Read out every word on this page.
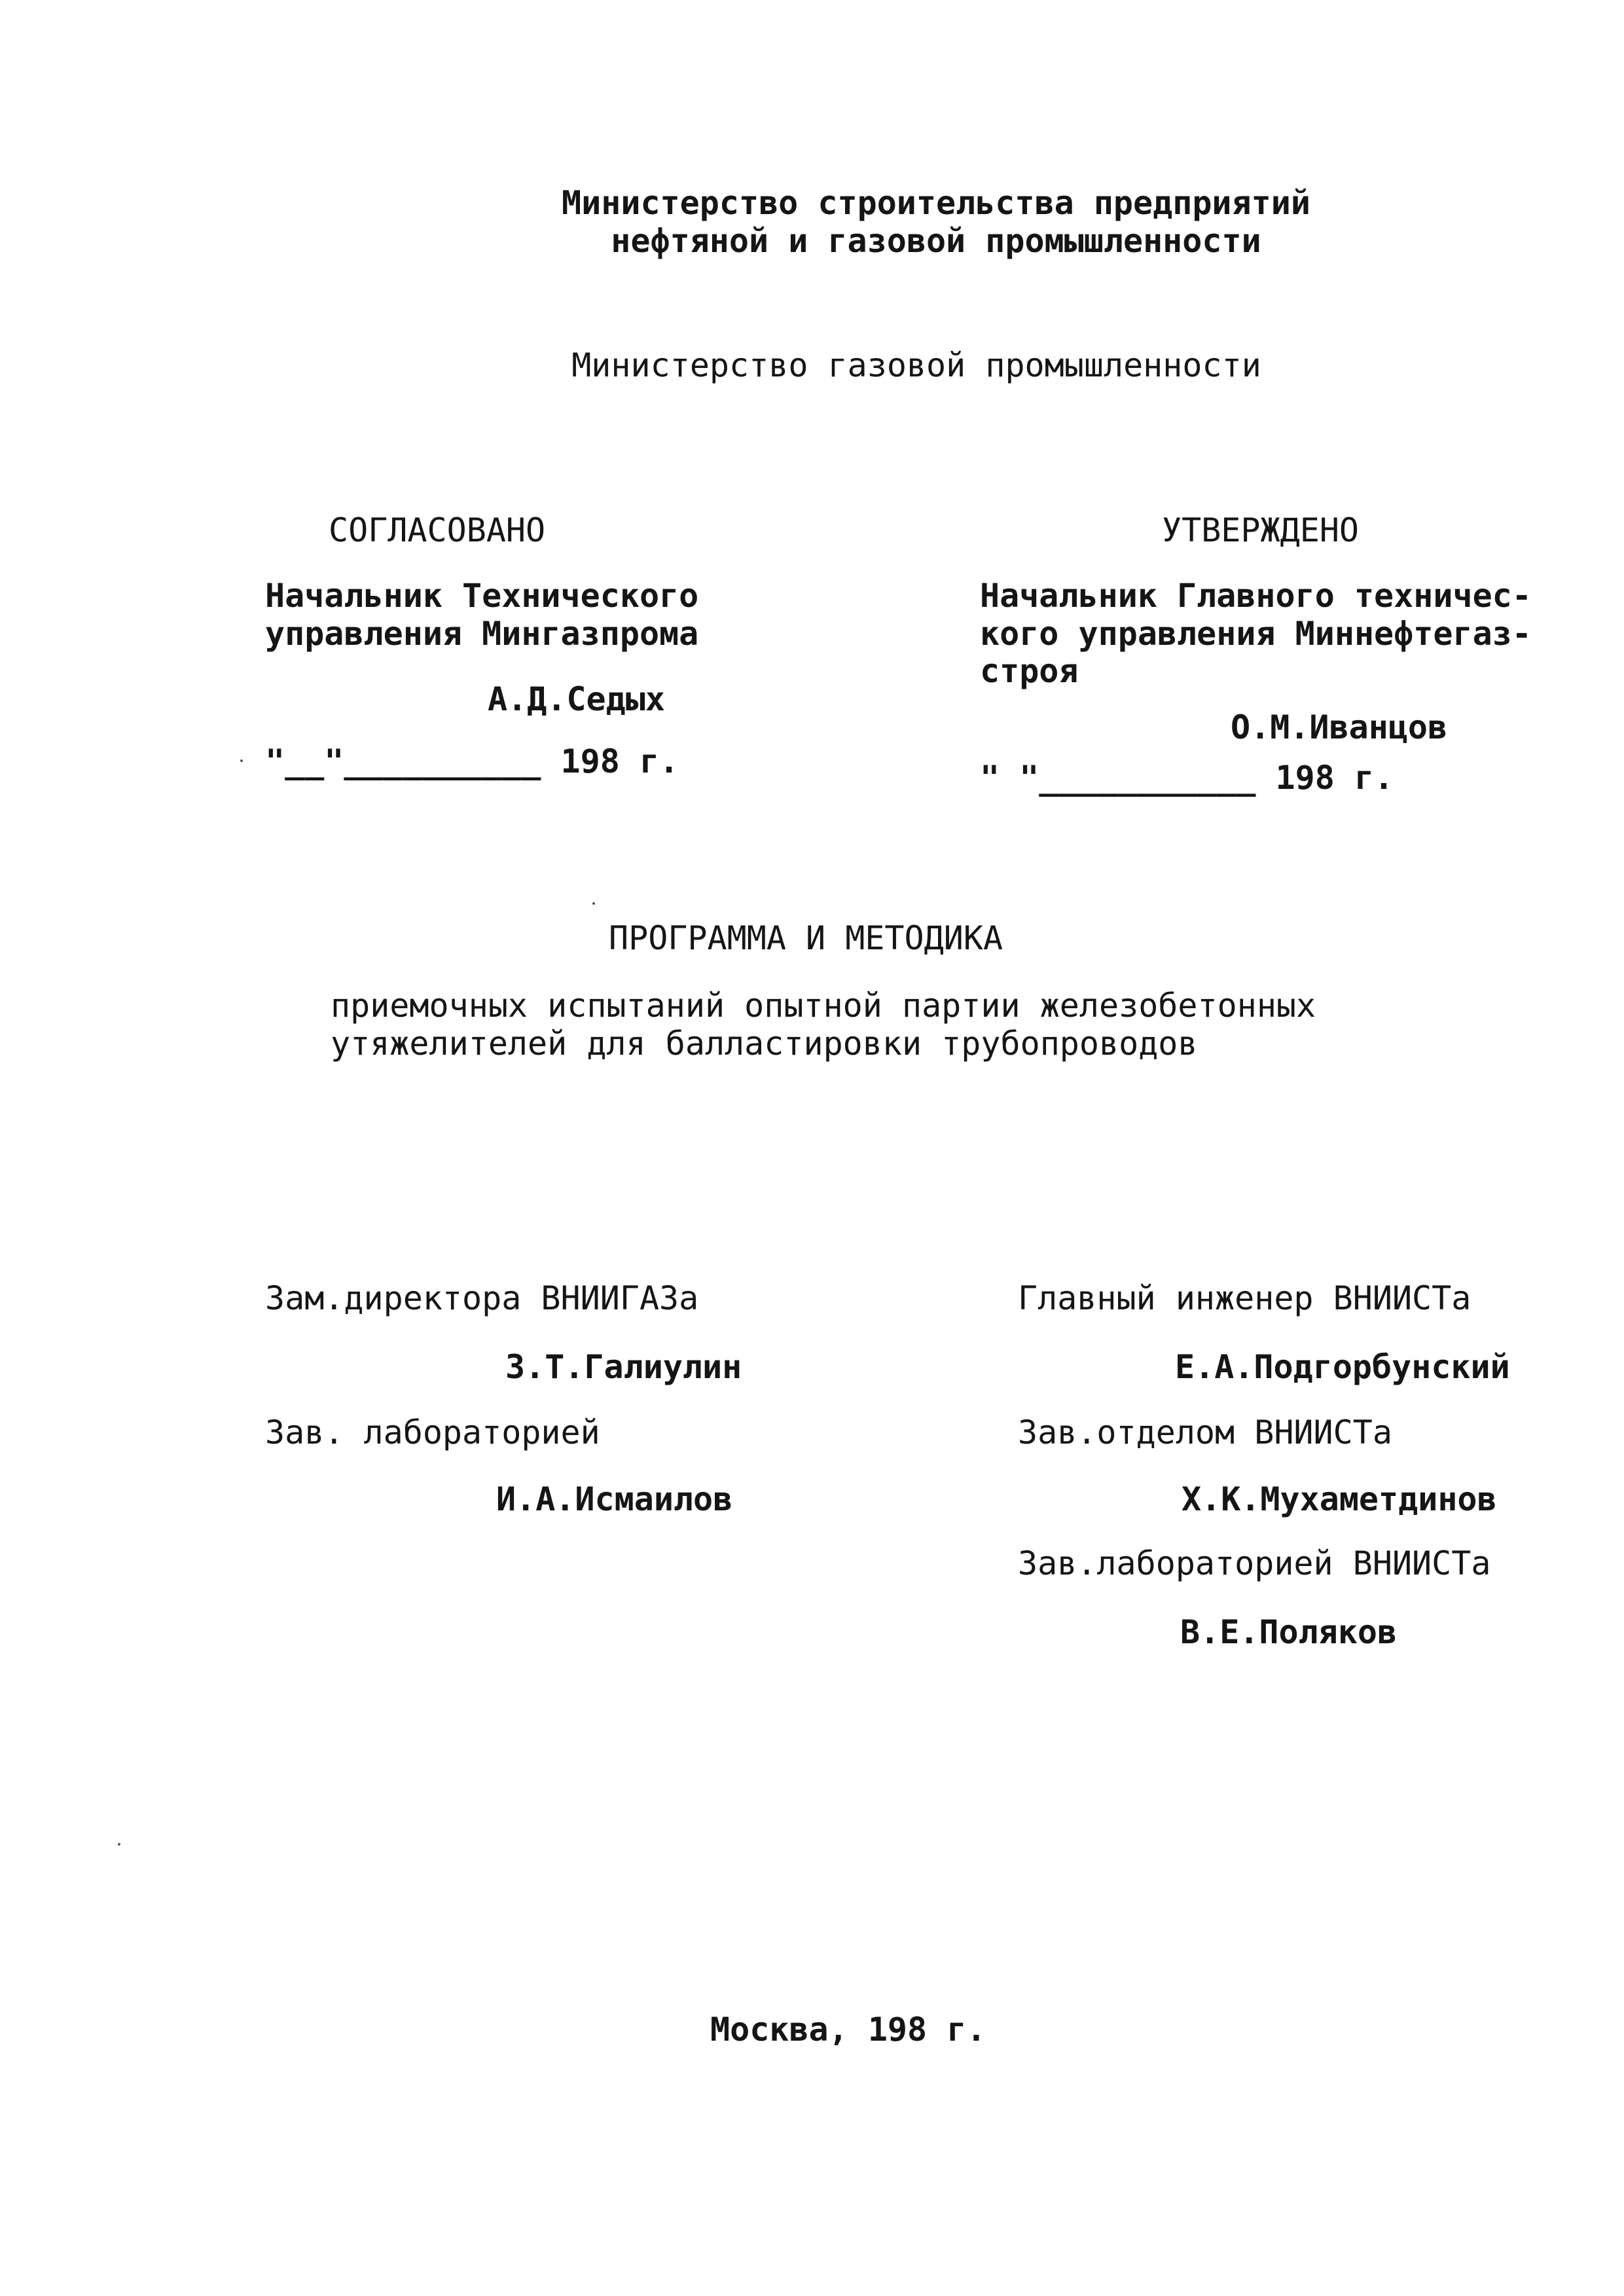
Министерство строительства предприятий
нефтяной и газовой промышленности
Министерство газовой промышленности
СОГЛАСОВАНО
Начальник Технического
управления Мингазпрома
А.Д.Седых
"__"__________ 198 г.
УТВЕРЖДЕНО
Начальник Главного техничес-
кого управления Миннефтегаз-
строя
О.М.Иванцов
" "___________ 198 г.
ПРОГРАММА И МЕТОДИКА
приемочных испытаний опытной партии железобетонных
утяжелителей для балластировки трубопроводов
Зам.директора ВНИИГАЗа
З.Т.Галиулин
Зав. лабораторией
И.А.Исмаилов
Главный инженер ВНИИСТа
Е.А.Подгорбунский
Зав.отделом ВНИИСТа
Х.К.Мухаметдинов
Зав.лабораторией ВНИИСТа
В.Е.Поляков
Москва, 198 г.
